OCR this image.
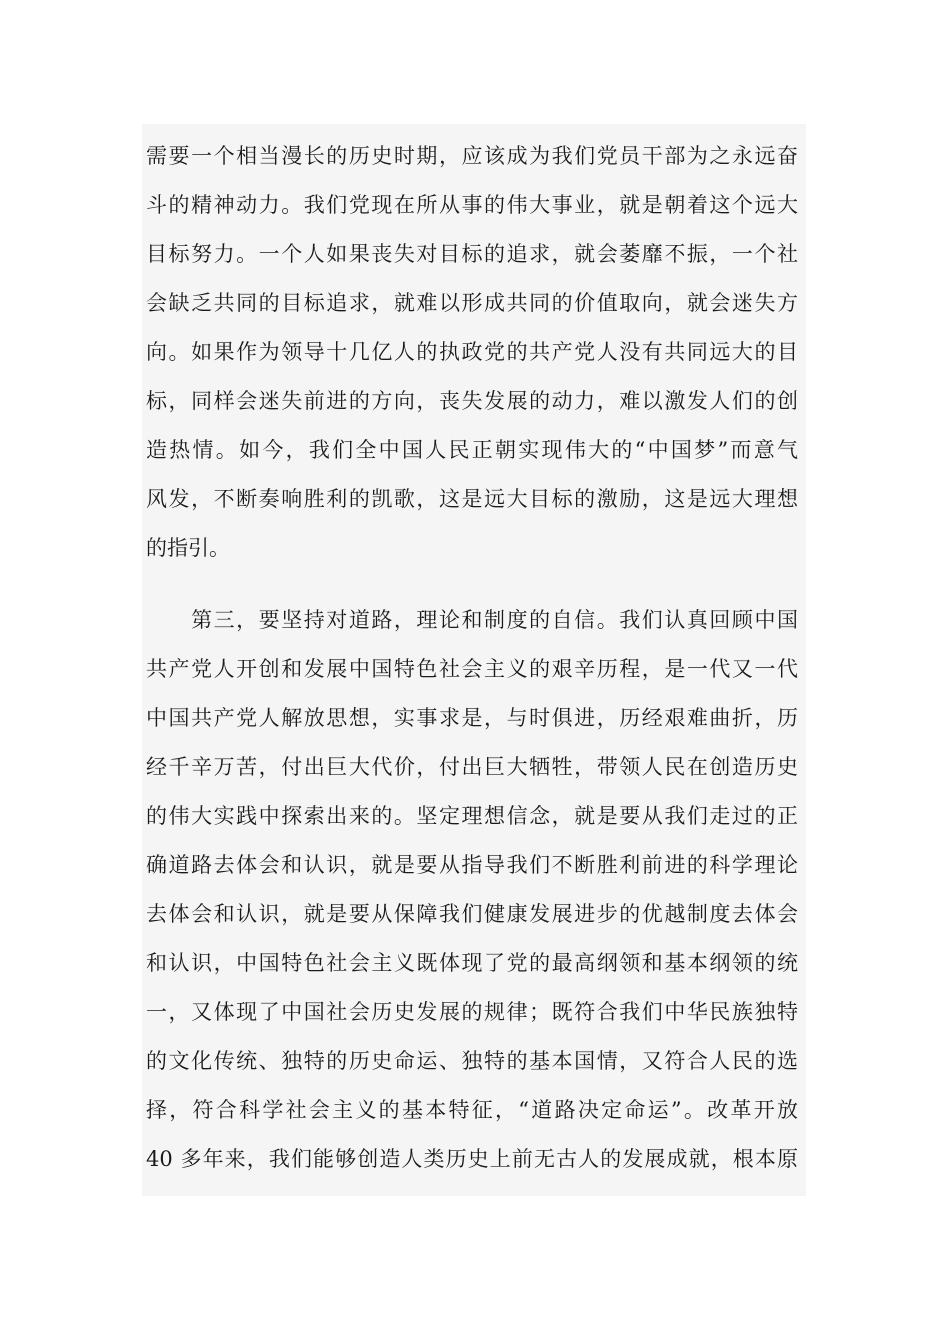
需要一个相当漫长的历史时期，应该成为我们党员干部为之永远奋
斗的精神动力。我们党现在所从事的伟大事业，就是朝着这个远大
目标努力。一个人如果丧失对目标的追求，就会萎靡不振，一个社
会缺乏共同的目标追求，就难以形成共同的价值取向，就会迷失方
向。如果作为领导十几亿人的执政党的共产党人没有共同远大的目
标，同样会迷失前进的方向，丧失发展的动力，难以激发人们的创
造热情。如今，我们全中国人民正朝实现伟大的“中国梦”而意气
风发，不断奏响胜利的凯歌，这是远大目标的激励，这是远大理想
的指引。
　　第三，要坚持对道路，理论和制度的自信。我们认真回顾中国
共产党人开创和发展中国特色社会主义的艰辛历程，是一代又一代
中国共产党人解放思想，实事求是，与时俱进，历经艰难曲折，历
经千辛万苦，付出巨大代价，付出巨大牺牲，带领人民在创造历史
的伟大实践中探索出来的。坚定理想信念，就是要从我们走过的正
确道路去体会和认识，就是要从指导我们不断胜利前进的科学理论
去体会和认识，就是要从保障我们健康发展进步的优越制度去体会
和认识，中国特色社会主义既体现了党的最高纲领和基本纲领的统
一，又体现了中国社会历史发展的规律；既符合我们中华民族独特
的文化传统、独特的历史命运、独特的基本国情，又符合人民的选
择，符合科学社会主义的基本特征，“道路决定命运”。改革开放
40 多年来，我们能够创造人类历史上前无古人的发展成就，根本原
